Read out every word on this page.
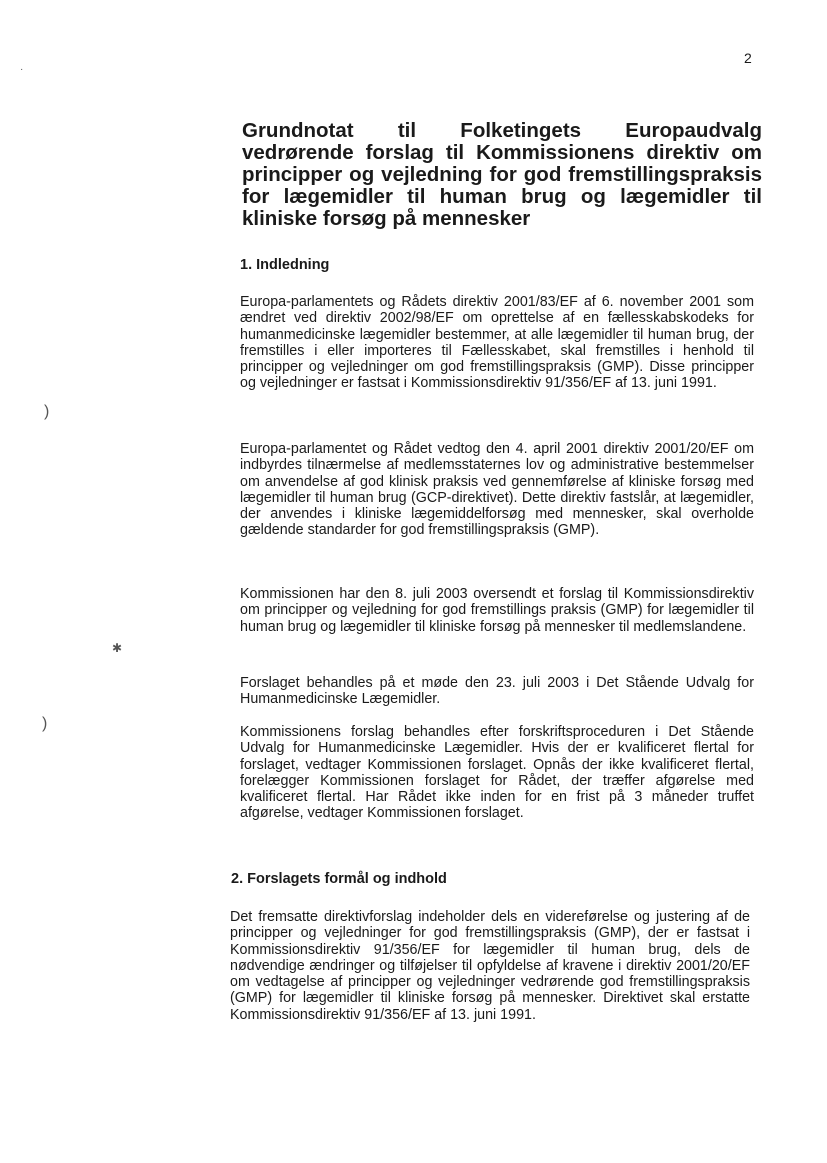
·
)
✱
)
2
Grundnotat til Folketingets Europaudvalg vedrørende forslag til Kommissionens direktiv om principper og vejledning for god fremstillingspraksis for lægemidler til human brug og lægemidler til kliniske forsøg på mennesker
1. Indledning

Europa-parlamentets og Rådets direktiv 2001/83/EF af 6. november 2001 som ændret ved direktiv 2002/98/EF om oprettelse af en fællesskabskodeks for humanmedicinske lægemidler bestemmer, at alle lægemidler til human brug, der fremstilles i eller importeres til Fællesskabet, skal fremstilles i henhold til principper og vejledninger om god fremstillingspraksis (GMP). Disse principper og vejledninger er fastsat i Kommissionsdirektiv 91/356/EF af 13. juni 1991.

Europa-parlamentet og Rådet vedtog den 4. april 2001 direktiv 2001/20/EF om indbyrdes tilnærmelse af medlemsstaternes lov og administrative bestemmelser om anvendelse af god klinisk praksis ved gennemførelse af kliniske forsøg med lægemidler til human brug (GCP-direktivet). Dette direktiv fastslår, at lægemidler, der anvendes i kliniske lægemiddelforsøg med mennesker, skal overholde gældende standarder for god fremstillingspraksis (GMP).

Kommissionen har den 8. juli 2003 oversendt et forslag til Kommissionsdirektiv om principper og vejledning for god fremstillings praksis (GMP) for lægemidler til human brug og lægemidler til kliniske forsøg på mennesker til medlemslandene.

Forslaget behandles på et møde den 23. juli 2003 i Det Stående Udvalg for Humanmedicinske Lægemidler.

Kommissionens forslag behandles efter forskriftsproceduren i Det Stående Udvalg for Humanmedicinske Lægemidler. Hvis der er kvalificeret flertal for forslaget, vedtager Kommissionen forslaget. Opnås der ikke kvalificeret flertal, forelægger Kommissionen forslaget for Rådet, der træffer afgørelse med kvalificeret flertal. Har Rådet ikke inden for en frist på 3 måneder truffet afgørelse, vedtager Kommissionen forslaget.

2. Forslagets formål og indhold

Det fremsatte direktivforslag indeholder dels en videreførelse og justering af de principper og vejledninger for god fremstillingspraksis (GMP), der er fastsat i Kommissionsdirektiv 91/356/EF for lægemidler til human brug, dels de nødvendige ændringer og tilføjelser til opfyldelse af kravene i direktiv 2001/20/EF om vedtagelse af principper og vejledninger vedrørende god fremstillingspraksis (GMP) for lægemidler til kliniske forsøg på mennesker. Direktivet skal erstatte Kommissionsdirektiv 91/356/EF af 13. juni 1991.
